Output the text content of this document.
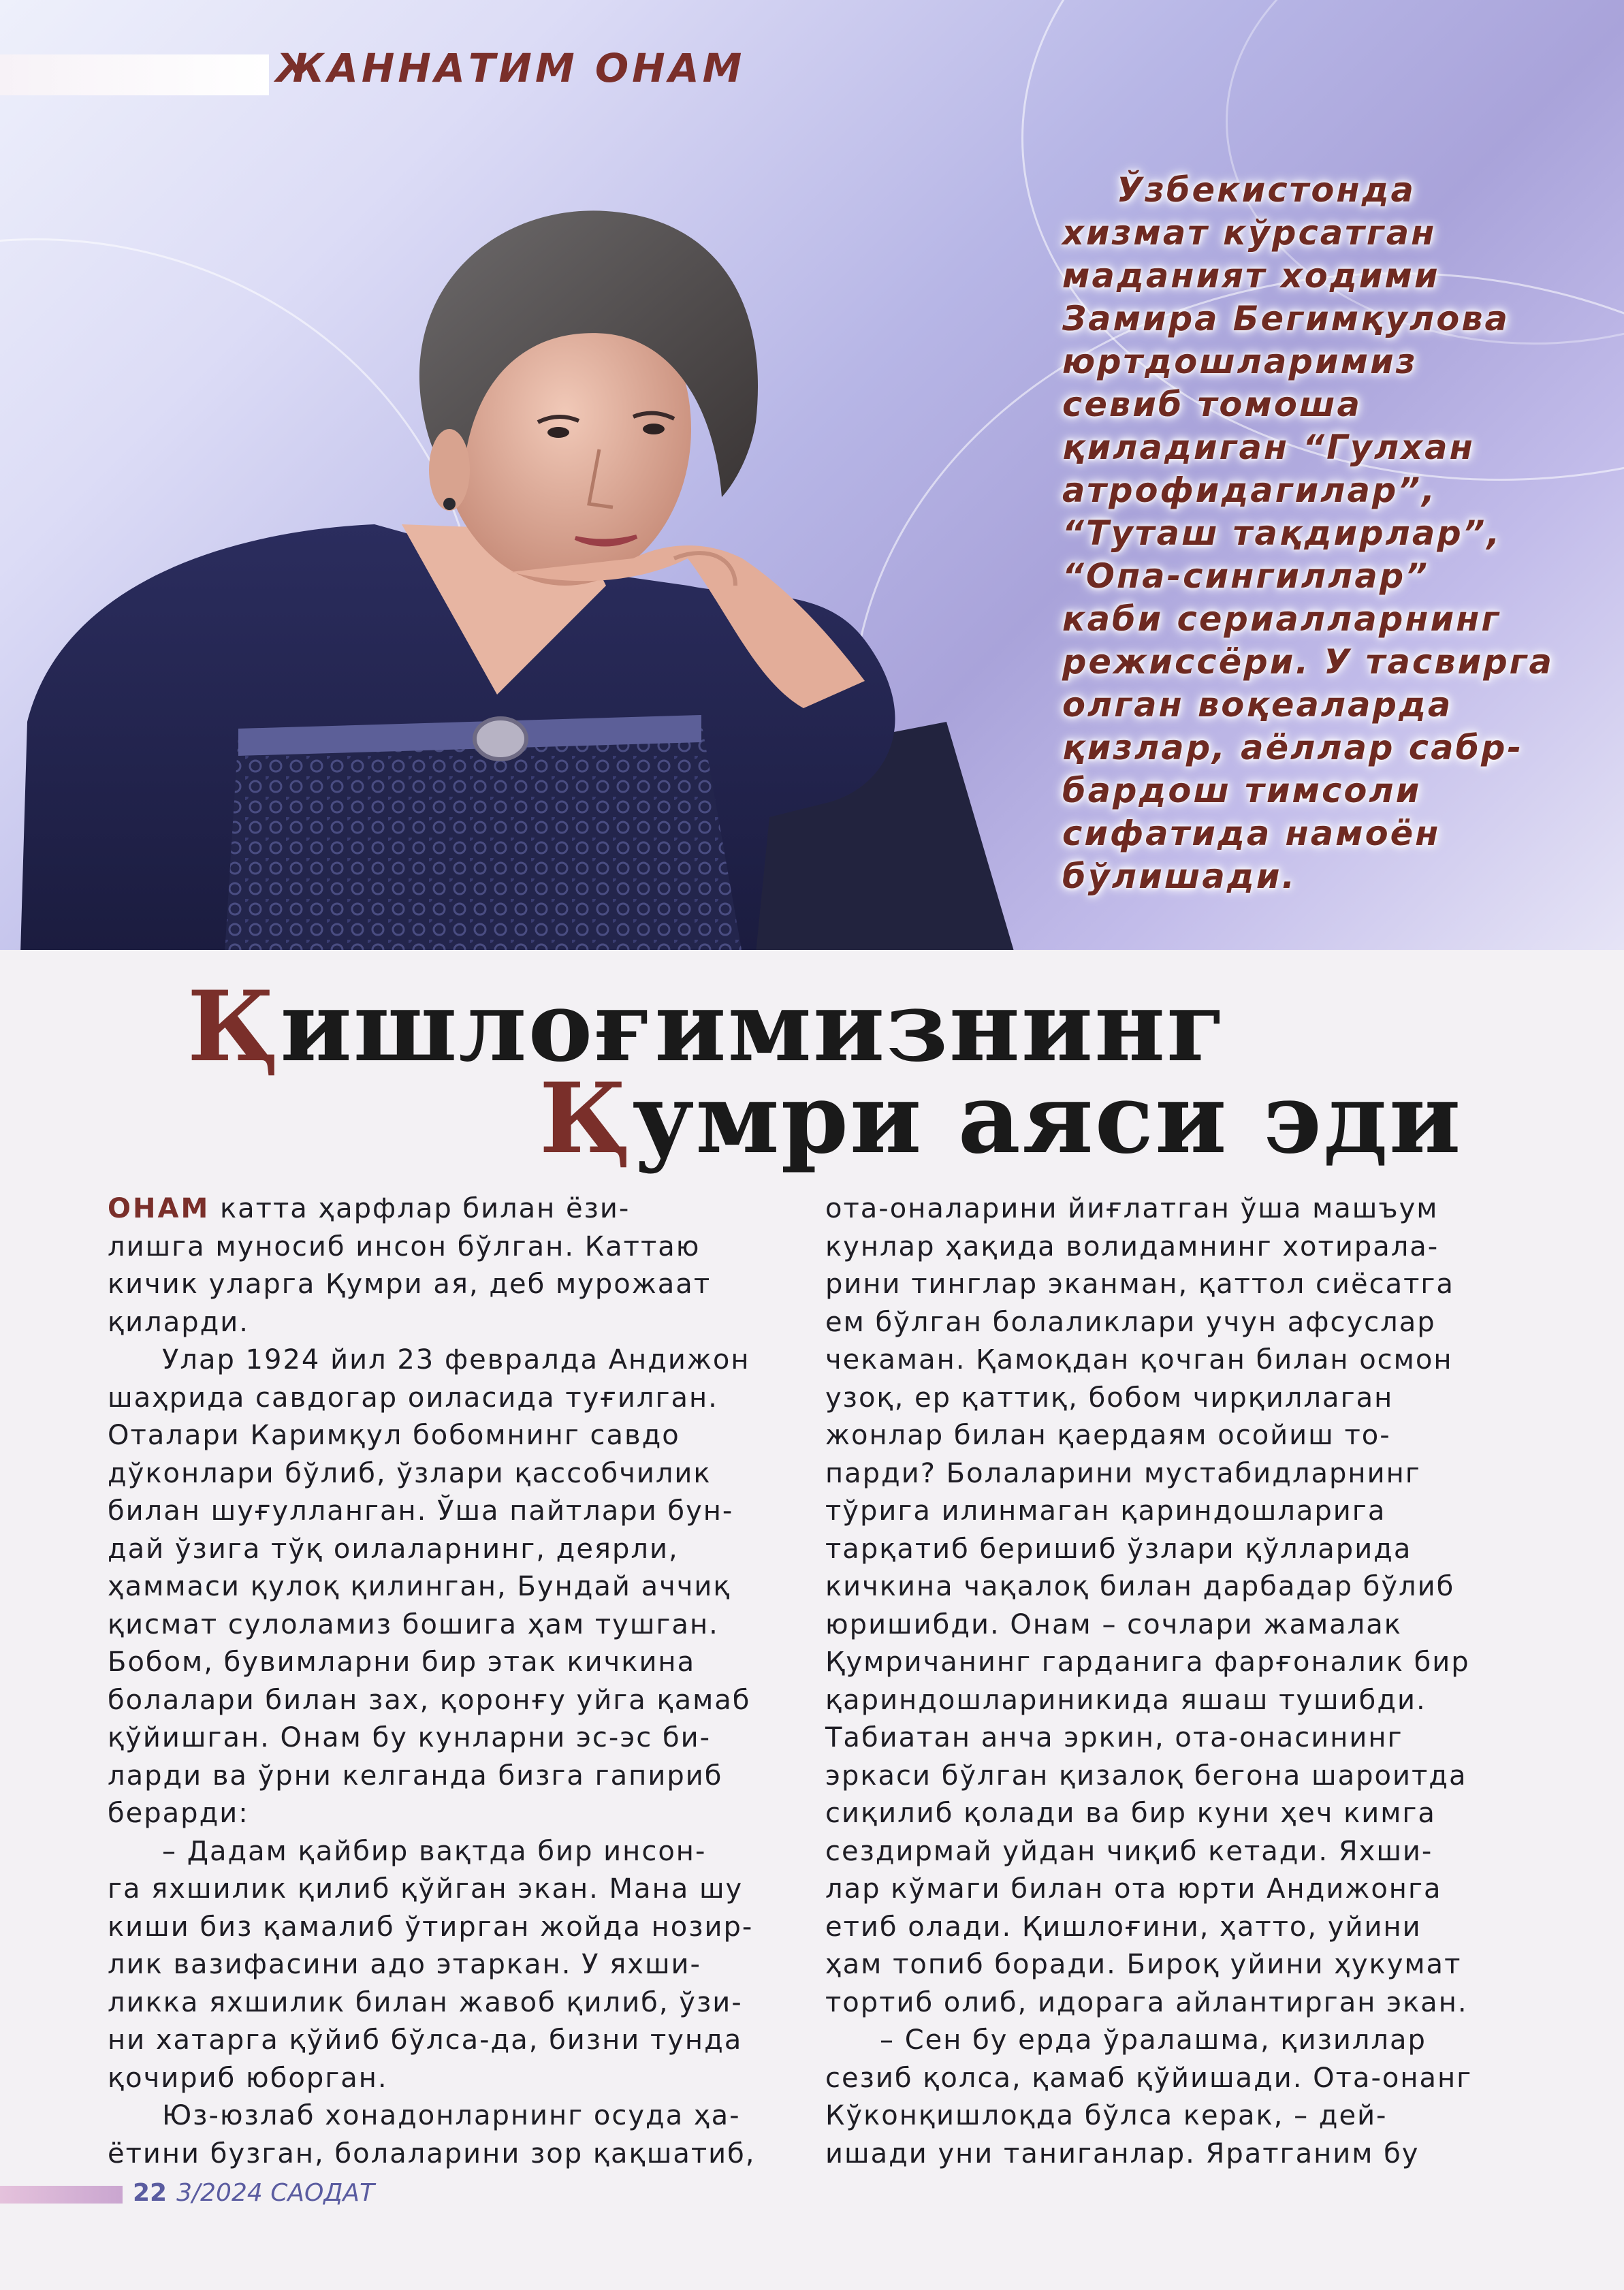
ЖАННАТИМ ОНАМ
Ўзбекистонда
хизмат кўрсатган
маданият ходими
Замира Бегимқулова
юртдошларимиз
севиб томоша
қиладиган “Гулхан
атрофидагилар”,
“Туташ тақдирлар”,
“Опа-сингиллар”
каби сериалларнинг
режиссёри. У тасвирга
олган воқеаларда
қизлар, аёллар сабр-
бардош тимсоли
сифатида намоён
бўлишади.
Қишлоғимизнинг
Қумри аяси эди

ОНАМ катта ҳарфлар билан ёзи-
лишга муносиб инсон бўлган. Каттаю
кичик уларга Қумри ая, деб мурожаат
қиларди.

Улар 1924 йил 23 февралда Андижон
шаҳрида савдогар оиласида туғилган.
Оталари Каримқул бобомнинг савдо
дўконлари бўлиб, ўзлари қассобчилик
билан шуғулланган. Ўша пайтлари бун-
дай ўзига тўқ оилаларнинг, деярли,
ҳаммаси қулоқ қилинган, Бундай аччиқ
қисмат сулоламиз бошига ҳам тушган.
Бобом, бувимларни бир этак кичкина
болалари билан зах, қоронғу уйга қамаб
қўйишган. Онам бу кунларни эс-эс би-
ларди ва ўрни келганда бизга гапириб
берарди:

– Дадам қайбир вақтда бир инсон-
га яхшилик қилиб қўйган экан. Мана шу
киши биз қамалиб ўтирган жойда нозир-
лик вазифасини адо этаркан. У яхши-
ликка яхшилик билан жавоб қилиб, ўзи-
ни хатарга қўйиб бўлса-да, бизни тунда
қочириб юборган.

Юз-юзлаб хонадонларнинг осуда ҳа-
ётини бузган, болаларини зор қақшатиб,

ота-оналарини йиғлатган ўша машъум
кунлар ҳақида волидамнинг хотирала-
рини тинглар эканман, қаттол сиёсатга
ем бўлган болаликлари учун афсуслар
чекаман. Қамоқдан қочган билан осмон
узоқ, ер қаттиқ, бобом чирқиллаган
жонлар билан қаердаям осойиш то-
парди? Болаларини мустабидларнинг
тўрига илинмаган қариндошларига
тарқатиб беришиб ўзлари қўлларида
кичкина чақалоқ билан дарбадар бўлиб
юришибди. Онам – сочлари жамалак
Қумричанинг гарданига фарғоналик бир
қариндошлариникида яшаш тушибди.
Табиатан анча эркин, ота-онасининг
эркаси бўлган қизалоқ бегона шароитда
сиқилиб қолади ва бир куни ҳеч кимга
сездирмай уйдан чиқиб кетади. Яхши-
лар кўмаги билан ота юрти Андижонга
етиб олади. Қишлоғини, ҳатто, уйини
ҳам топиб боради. Бироқ уйини ҳукумат
тортиб олиб, идорага айлантирган экан.

– Сен бу ерда ўралашма, қизиллар
сезиб қолса, қамаб қўйишади. Ота-онанг
Кўконқишлоқда бўлса керак, – дей-
ишади уни таниганлар. Яратганим бу

22 3/2024 САОДАТ
